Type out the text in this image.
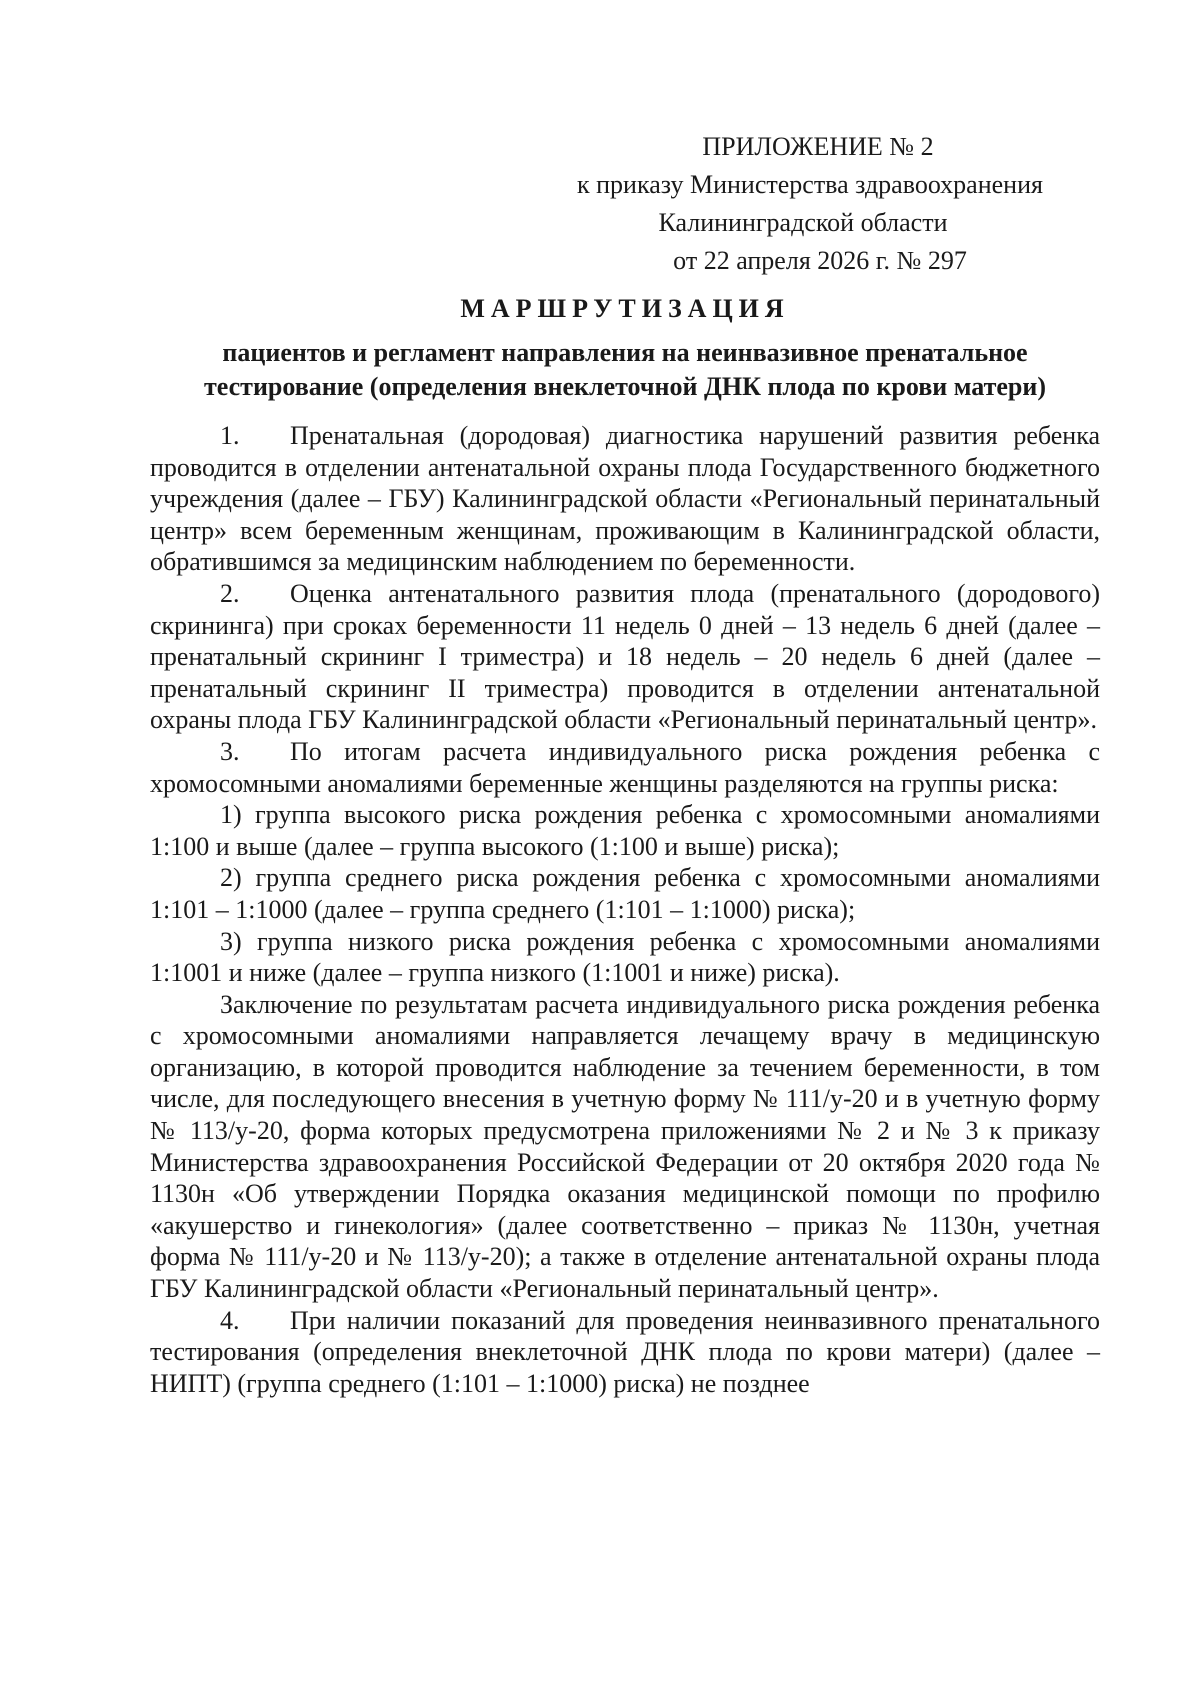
ПРИЛОЖЕНИЕ № 2
к приказу Министерства здравоохранения
Калининградской области
от 22 апреля 2026 г. № 297
МАРШРУТИЗАЦИЯ
пациентов и регламент направления на неинвазивное пренатальное
тестирование (определения внеклеточной ДНК плода по крови матери)

1. Пренатальная (дородовая) диагностика нарушений развития ребенка проводится в отделении антенатальной охраны плода Государственного бюджетного учреждения (далее – ГБУ) Калининградской области «Региональный перинатальный центр» всем беременным женщинам, проживающим в Калининградской области, обратившимся за медицинским наблюдением по беременности.

2. Оценка антенатального развития плода (пренатального (дородового) скрининга) при сроках беременности 11 недель 0 дней – 13 недель 6 дней (далее – пренатальный скрининг I триместра) и 18 недель – 20 недель 6 дней (далее – пренатальный скрининг II триместра) проводится в отделении антенатальной охраны плода ГБУ Калининградской области «Региональный перинатальный центр».

3. По итогам расчета индивидуального риска рождения ребенка с хромосомными аномалиями беременные женщины разделяются на группы риска:

1) группа высокого риска рождения ребенка с хромосомными аномалиями 1:100 и выше (далее – группа высокого (1:100 и выше) риска);

2) группа среднего риска рождения ребенка с хромосомными аномалиями 1:101 – 1:1000 (далее – группа среднего (1:101 – 1:1000) риска);

3) группа низкого риска рождения ребенка с хромосомными аномалиями 1:1001 и ниже (далее – группа низкого (1:1001 и ниже) риска).

Заключение по результатам расчета индивидуального риска рождения ребенка с хромосомными аномалиями направляется лечащему врачу в медицинскую организацию, в которой проводится наблюдение за течением беременности, в том числе, для последующего внесения в учетную форму № 111/у-20 и в учетную форму № 113/у-20, форма которых предусмотрена приложениями № 2 и № 3 к приказу Министерства здравоохранения Российской Федерации от 20 октября 2020 года № 1130н «Об утверждении Порядка оказания медицинской помощи по профилю «акушерство и гинекология» (далее соответственно – приказ № 1130н, учетная форма № 111/у-20 и № 113/у-20); а также в отделение антенатальной охраны плода ГБУ Калининградской области «Региональный перинатальный центр».

4. При наличии показаний для проведения неинвазивного пренатального тестирования (определения внеклеточной ДНК плода по крови матери) (далее – НИПТ) (группа среднего (1:101 – 1:1000) риска) не позднее
